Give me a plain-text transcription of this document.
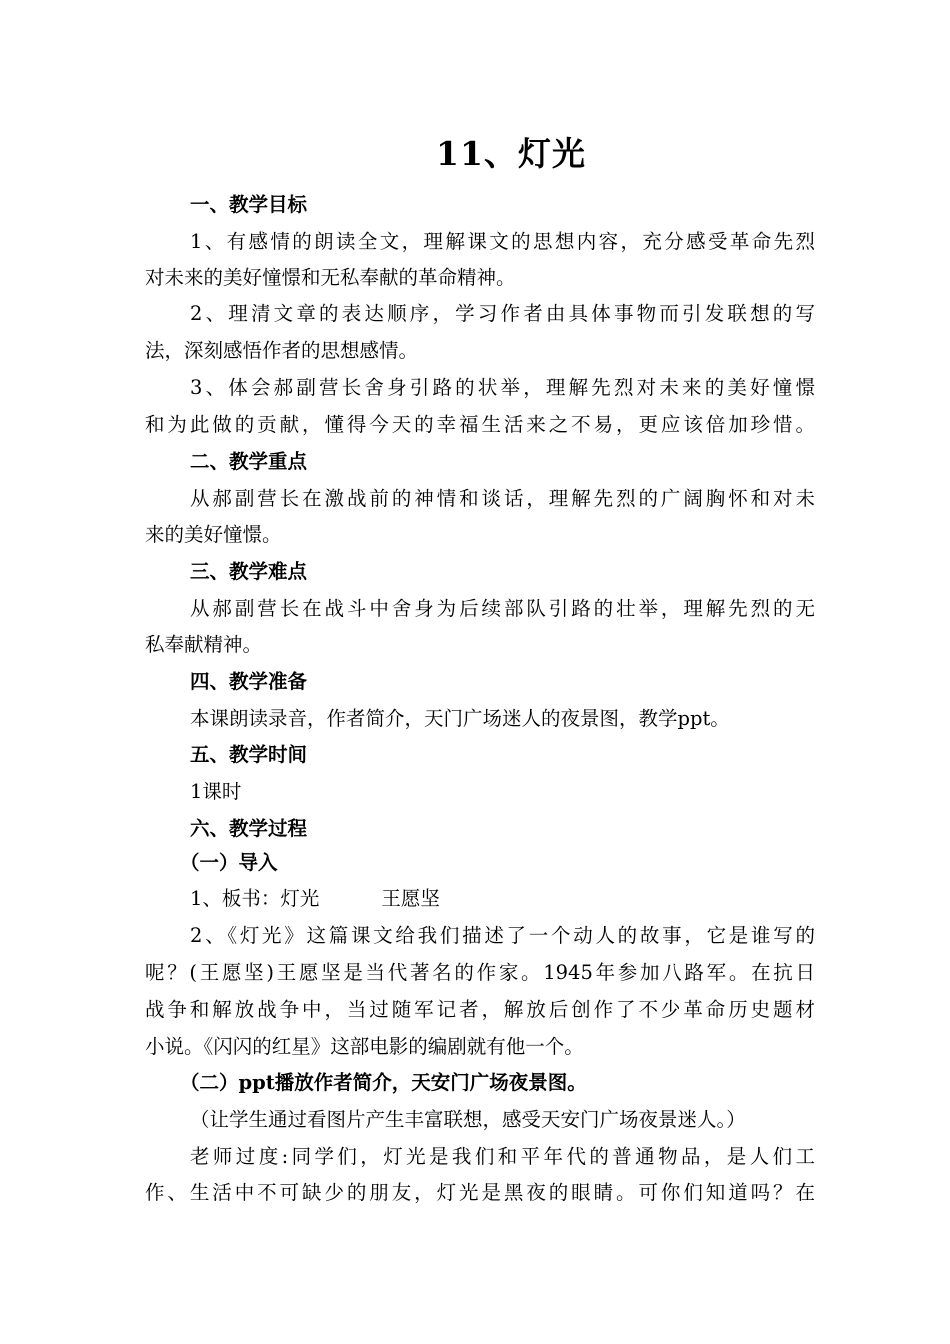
11、灯光
一、教学目标
1、有感情的朗读全文，理解课文的思想内容，充分感受革命先烈
对未来的美好憧憬和无私奉献的革命精神。
2、理清文章的表达顺序，学习作者由具体事物而引发联想的写
法，深刻感悟作者的思想感情。
3、体会郝副营长舍身引路的状举，理解先烈对未来的美好憧憬
和为此做的贡献，懂得今天的幸福生活来之不易，更应该倍加珍惜。
二、教学重点
从郝副营长在激战前的神情和谈话，理解先烈的广阔胸怀和对未
来的美好憧憬。
三、教学难点
从郝副营长在战斗中舍身为后续部队引路的壮举，理解先烈的无
私奉献精神。
四、教学准备
本课朗读录音，作者简介，天门广场迷人的夜景图，教学ppt。
五、教学时间
1课时
六、教学过程
（一）导入
1、板书：灯光          王愿坚
2、《灯光》这篇课文给我们描述了一个动人的故事，它是谁写的
呢？(王愿坚)王愿坚是当代著名的作家。1945年参加八路军。在抗日
战争和解放战争中，当过随军记者，解放后创作了不少革命历史题材
小说。《闪闪的红星》这部电影的编剧就有他一个。
（二）ppt播放作者简介，天安门广场夜景图。
（让学生通过看图片产生丰富联想，感受天安门广场夜景迷人。）
老师过度:同学们，灯光是我们和平年代的普通物品，是人们工
作、生活中不可缺少的朋友，灯光是黑夜的眼睛。可你们知道吗？在
